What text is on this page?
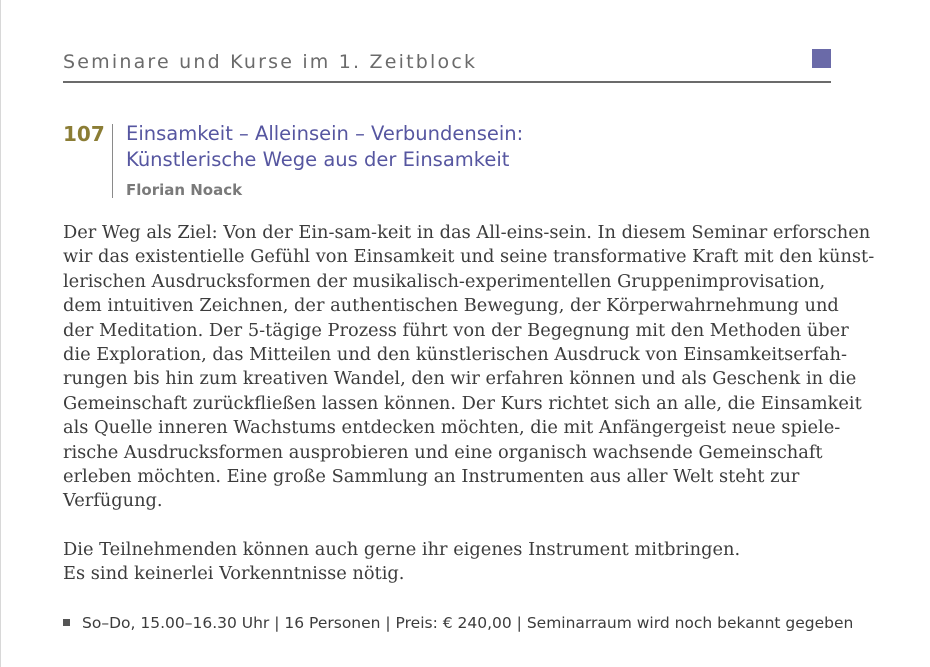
Seminare und Kurse im 1. Zeitblock
107 Einsamkeit – Alleinsein – Verbundensein:
Künstlerische Wege aus der Einsamkeit
Florian Noack
Der Weg als Ziel: Von der Ein-sam-keit in das All-eins-sein. In diesem Seminar erforschen
wir das existentielle Gefühl von Einsamkeit und seine transformative Kraft mit den künst-
lerischen Ausdrucksformen der musikalisch-experimentellen Gruppenimprovisation,
dem intuitiven Zeichnen, der authentischen Bewegung, der Körperwahrnehmung und
der Meditation. Der 5-tägige Prozess führt von der Begegnung mit den Methoden über
die Exploration, das Mitteilen und den künstlerischen Ausdruck von Einsamkeitserfah-
rungen bis hin zum kreativen Wandel, den wir erfahren können und als Geschenk in die
Gemeinschaft zurückfließen lassen können. Der Kurs richtet sich an alle, die Einsamkeit
als Quelle inneren Wachstums entdecken möchten, die mit Anfängergeist neue spiele-
rische Ausdrucksformen ausprobieren und eine organisch wachsende Gemeinschaft
erleben möchten. Eine große Sammlung an Instrumenten aus aller Welt steht zur
Verfügung.
Die Teilnehmenden können auch gerne ihr eigenes Instrument mitbringen.
Es sind keinerlei Vorkenntnisse nötig.
So–Do, 15.00–16.30 Uhr | 16 Personen | Preis: € 240,00 | Seminarraum wird noch bekannt gegeben
